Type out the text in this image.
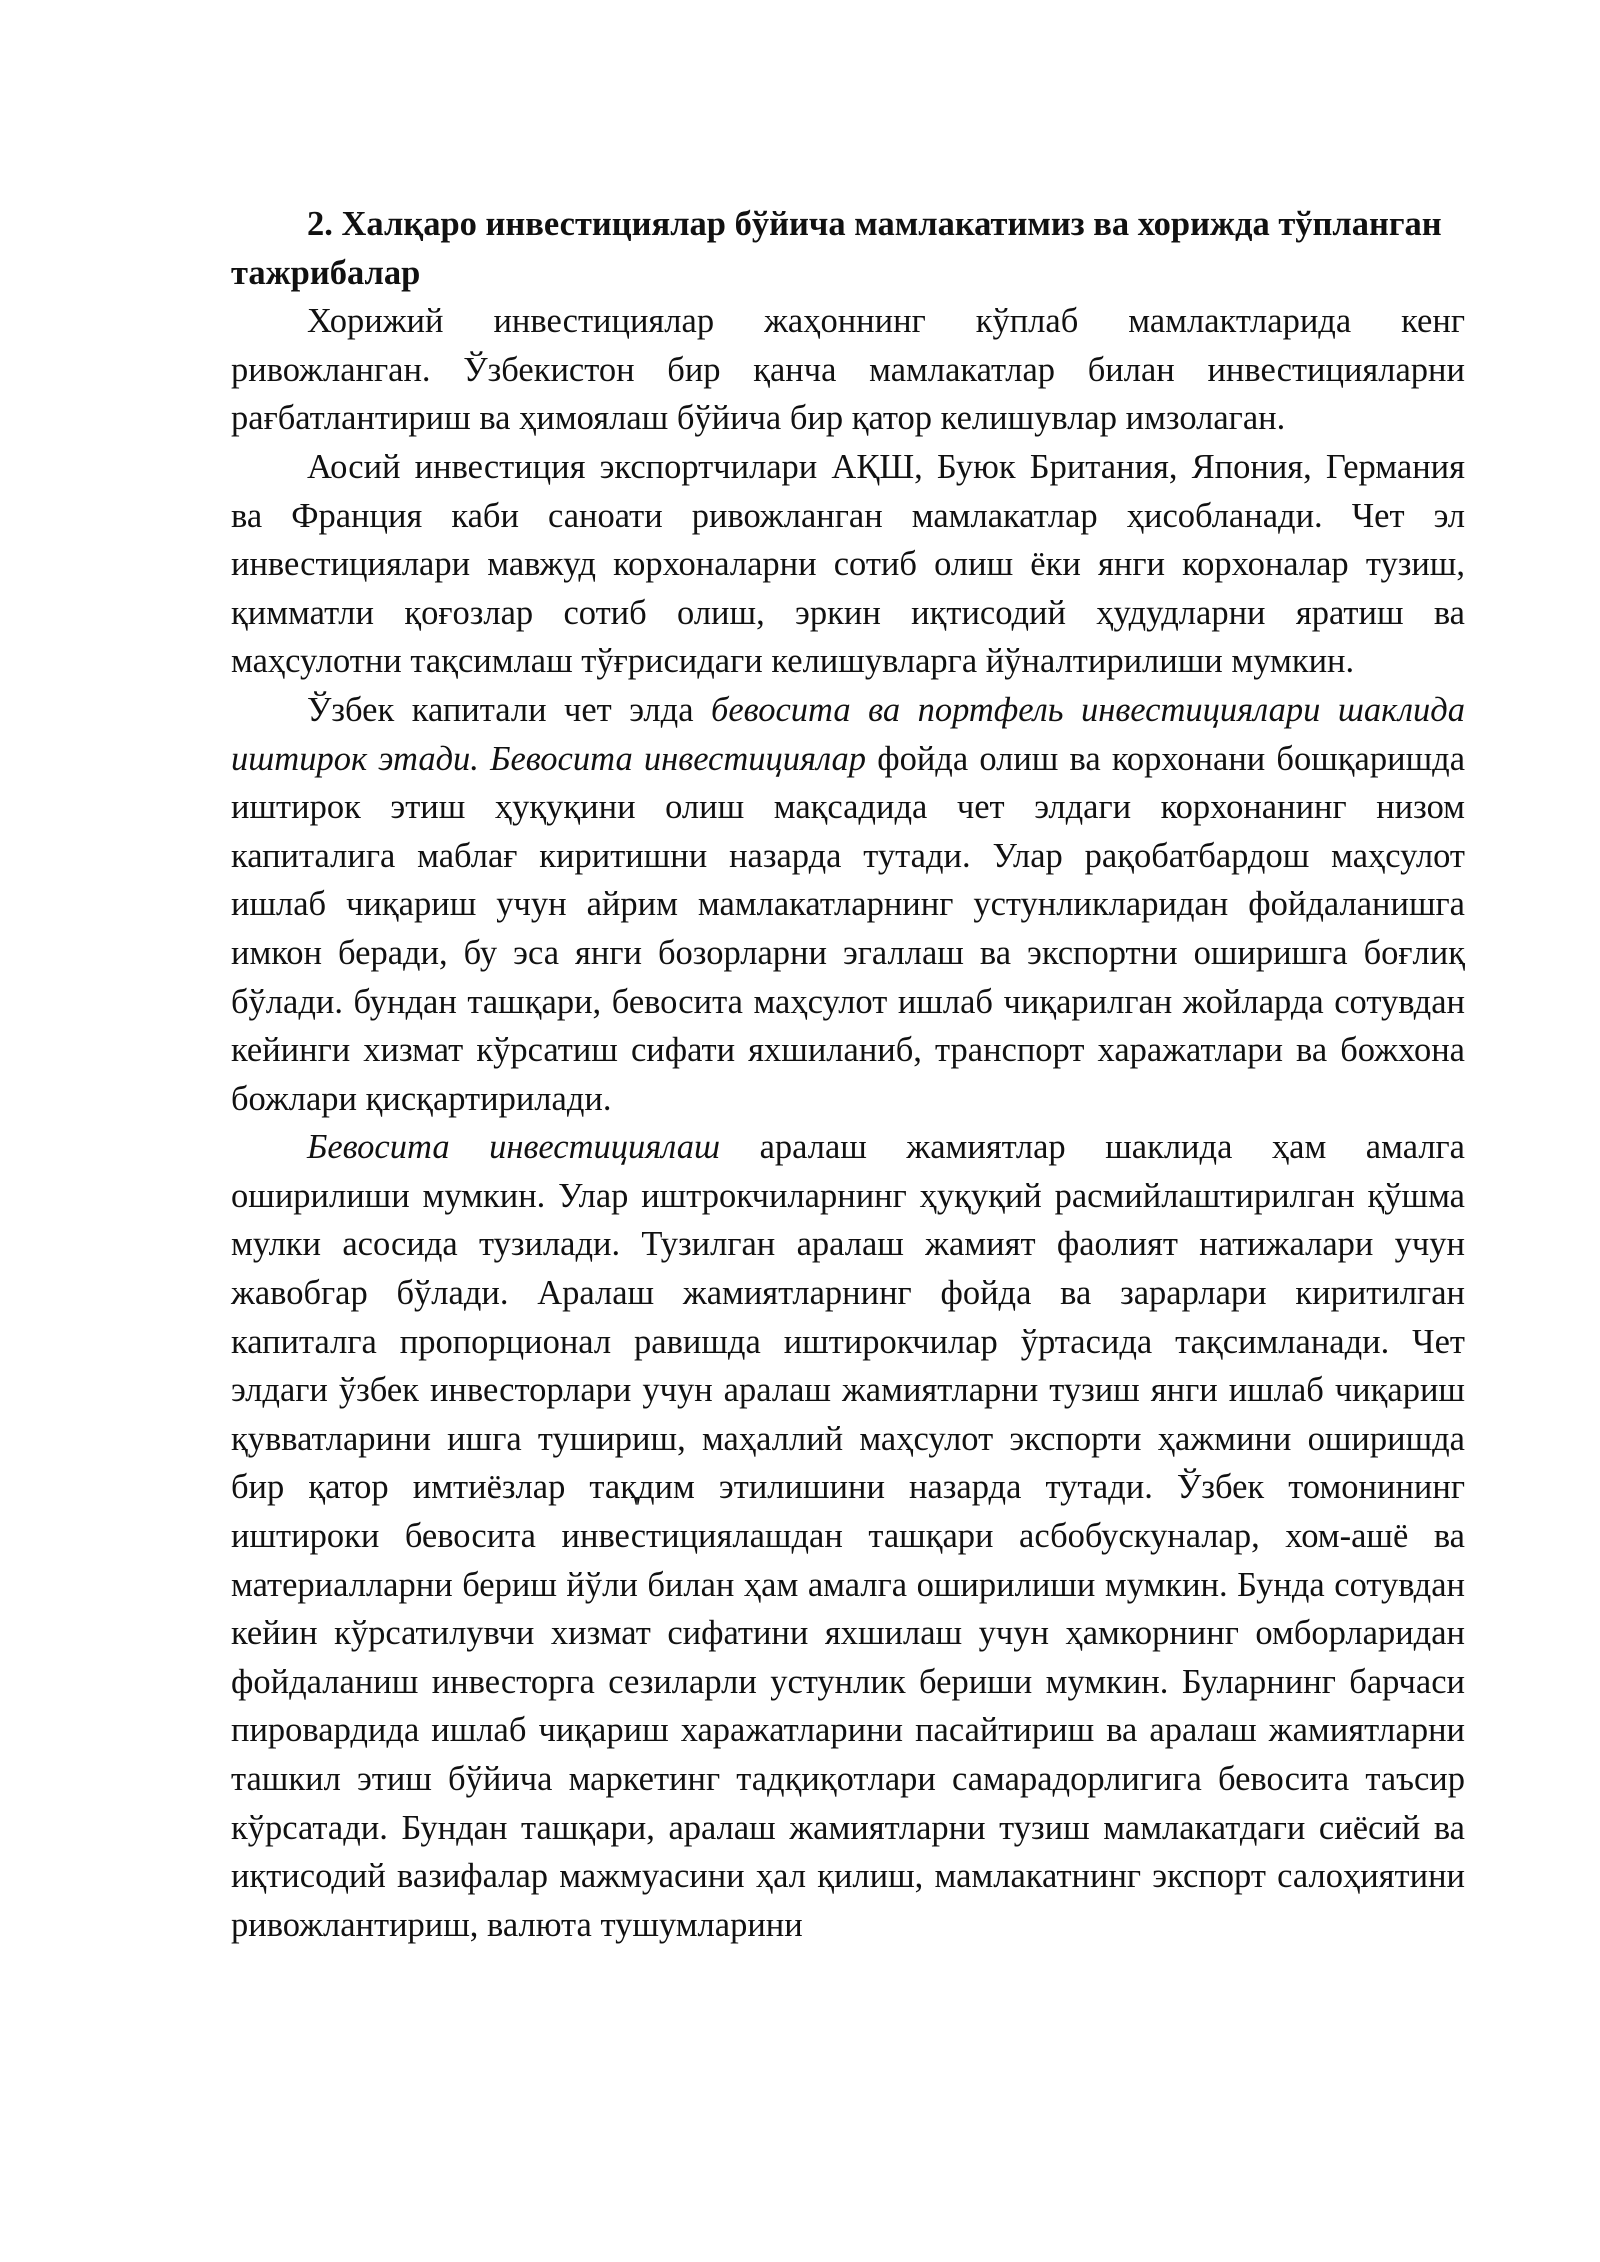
2. Халқаро инвестициялар бўйича мамлакатимиз ва хорижда тўпланган тажрибалар

Хорижий инвестициялар жаҳоннинг кўплаб мамлактларида кенг ривожланган. Ўзбекистон бир қанча мамлакатлар билан инвестицияларни рағбатлантириш ва ҳимоялаш бўйича бир қатор келишувлар имзолаган.

Аосий инвестиция экспортчилари АҚШ, Буюк Британия, Япония, Германия ва Франция каби саноати ривожланган мамлакатлар ҳисобланади. Чет эл инвестициялари мавжуд корхоналарни сотиб олиш ёки янги корхоналар тузиш, қимматли қоғозлар сотиб олиш, эркин иқтисодий ҳудудларни яратиш ва маҳсулотни тақсимлаш тўғрисидаги келишувларга йўналтирилиши мумкин.

Ўзбек капитали чет элда бевосита ва портфель инвестициялари шаклида иштирок этади. Бевосита инвестициялар фойда олиш ва корхонани бошқаришда иштирок этиш ҳуқуқини олиш мақсадида чет элдаги корхонанинг низом капиталига маблағ киритишни назарда тутади. Улар рақобатбардош маҳсулот ишлаб чиқариш учун айрим мамлакатларнинг устунликларидан фойдаланишга имкон беради, бу эса янги бозорларни эгаллаш ва экспортни оширишга боғлиқ бўлади. бундан ташқари, бевосита маҳсулот ишлаб чиқарилган жойларда сотувдан кейинги хизмат кўрсатиш сифати яхшиланиб, транспорт харажатлари ва божхона божлари қисқартирилади.

Бевосита инвестициялаш аралаш жамиятлар шаклида ҳам амалга оширилиши мумкин. Улар иштрокчиларнинг ҳуқуқий расмийлаштирилган қўшма мулки асосида тузилади. Тузилган аралаш жамият фаолият натижалари учун жавобгар бўлади. Аралаш жамиятларнинг фойда ва зарарлари киритилган капиталга пропорционал равишда иштирокчилар ўртасида тақсимланади. Чет элдаги ўзбек инвесторлари учун аралаш жамиятларни тузиш янги ишлаб чиқариш қувватларини ишга тушириш, маҳаллий маҳсулот экспорти ҳажмини оширишда бир қатор имтиёзлар тақдим этилишини назарда тутади. Ўзбек томонининг иштироки бевосита инвестициялашдан ташқари асбобускуналар, хом-ашё ва материалларни бериш йўли билан ҳам амалга оширилиши мумкин. Бунда сотувдан кейин кўрсатилувчи хизмат сифатини яхшилаш учун ҳамкорнинг омборларидан фойдаланиш инвесторга сезиларли устунлик бериши мумкин. Буларнинг барчаси пировардида ишлаб чиқариш харажатларини пасайтириш ва аралаш жамиятларни ташкил этиш бўйича маркетинг тадқиқотлари самарадорлигига бевосита таъсир кўрсатади. Бундан ташқари, аралаш жамиятларни тузиш мамлакатдаги сиёсий ва иқтисодий вазифалар мажмуасини ҳал қилиш, мамлакатнинг экспорт салоҳиятини ривожлантириш, валюта тушумларини
